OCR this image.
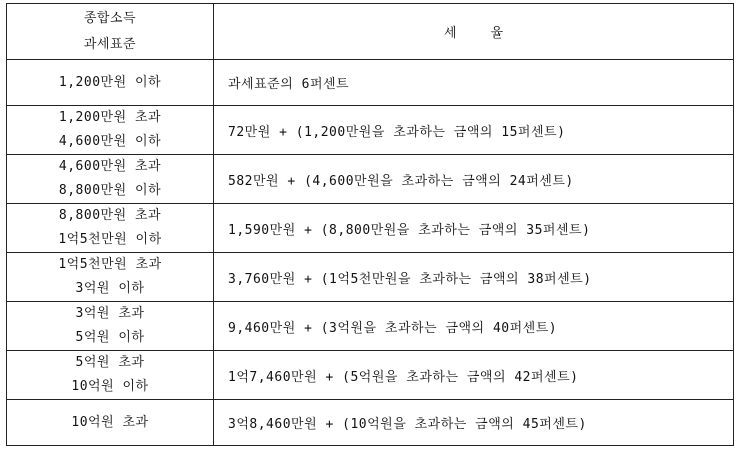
종합소득
과세표준	세 율

1,200만원 이하	과세표준의 6퍼센트

1,200만원 초과
4,600만원 이하	72만원 + (1,200만원을 초과하는 금액의 15퍼센트)

4,600만원 초과
8,800만원 이하	582만원 + (4,600만원을 초과하는 금액의 24퍼센트)

8,800만원 초과
1억5천만원 이하	1,590만원 + (8,800만원을 초과하는 금액의 35퍼센트)

1억5천만원 초과
3억원 이하	3,760만원 + (1억5천만원을 초과하는 금액의 38퍼센트)

3억원 초과
5억원 이하	9,460만원 + (3억원을 초과하는 금액의 40퍼센트)

5억원 초과
10억원 이하	1억7,460만원 + (5억원을 초과하는 금액의 42퍼센트)

10억원 초과	3억8,460만원 + (10억원을 초과하는 금액의 45퍼센트)
